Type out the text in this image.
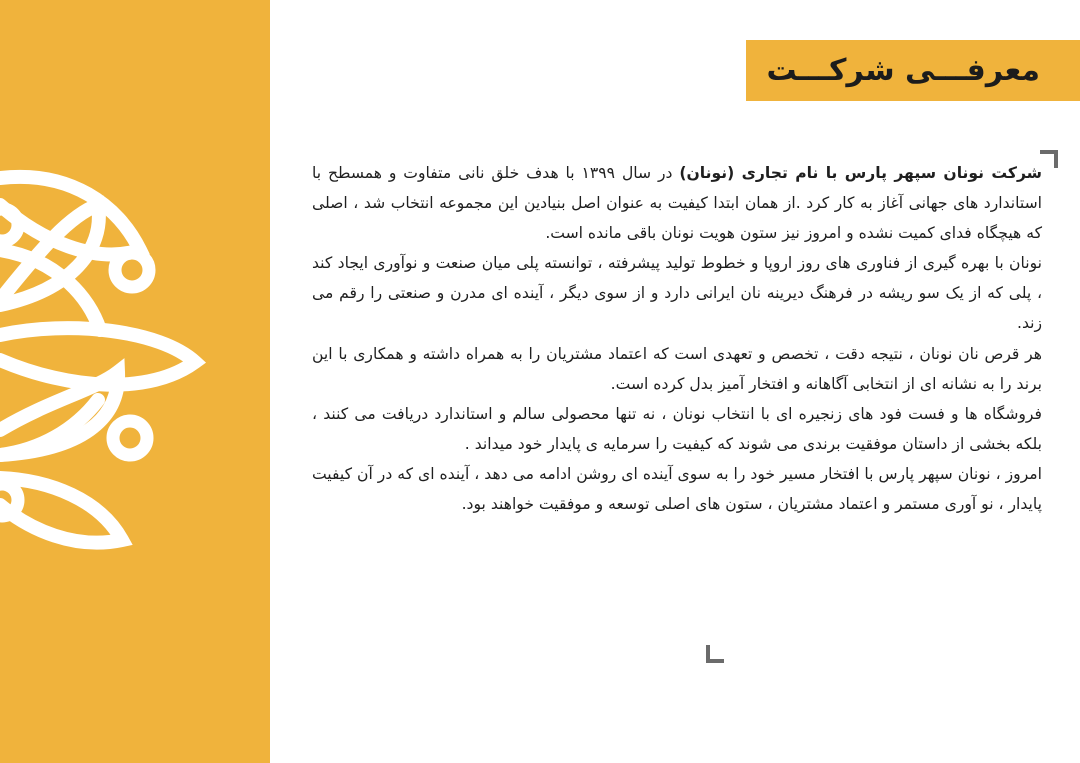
معرفـــی شرکـــت

شرکت نونان سپهر پارس با نام تجاری (نونان) در سال ۱۳۹۹ با هدف خلق نانی متفاوت و همسطح با استاندارد های جهانی آغاز به کار کرد .از همان ابتدا کیفیت به عنوان اصل بنیادین این مجموعه انتخاب شد ، اصلی که هیچگاه فدای کمیت نشده و امروز نیز ستون هویت نونان باقی مانده است.

نونان با بهره گیری از فناوری های روز اروپا و خطوط تولید پیشرفته ، توانسته پلی میان صنعت و نوآوری ایجاد کند ، پلی که از یک سو ریشه در فرهنگ دیرینه نان ایرانی دارد و از سوی دیگر ، آینده ای مدرن و صنعتی را رقم می زند.

هر قرص نان نونان ، نتیجه دقت ، تخصص و تعهدی است که اعتماد مشتریان را به همراه داشته و همکاری با این برند را به نشانه ای از انتخابی آگاهانه و افتخار آمیز بدل کرده است.

فروشگاه ها و فست فود های زنجیره ای با انتخاب نونان ، نه تنها محصولی سالم و استاندارد دریافت می کنند ، بلکه بخشی از داستان موفقیت برندی می شوند که کیفیت را سرمایه ی پایدار خود میداند .

امروز ، نونان سپهر پارس با افتخار مسیر خود را به سوی آینده ای روشن ادامه می دهد ، آینده ای که در آن کیفیت پایدار ، نو آوری مستمر و اعتماد مشتریان ، ستون های اصلی توسعه و موفقیت خواهند بود.
